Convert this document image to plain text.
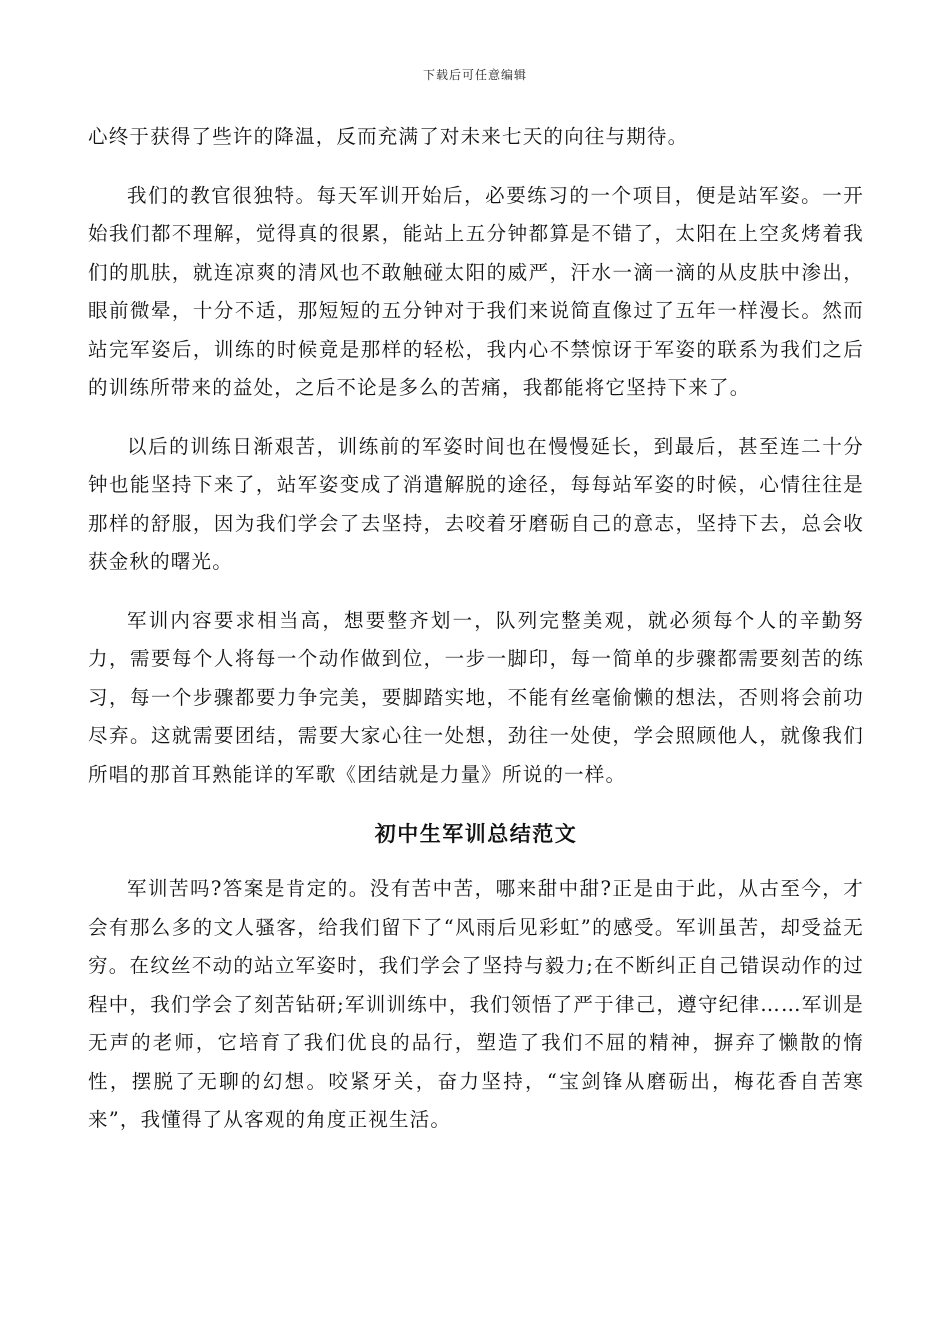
下载后可任意编辑

心终于获得了些许的降温，反而充满了对未来七天的向往与期待。

我们的教官很独特。每天军训开始后，必要练习的一个项目，便是站军姿。一开始我们都不理解，觉得真的很累，能站上五分钟都算是不错了，太阳在上空炙烤着我们的肌肤，就连凉爽的清风也不敢触碰太阳的威严，汗水一滴一滴的从皮肤中渗出，眼前微晕，十分不适，那短短的五分钟对于我们来说简直像过了五年一样漫长。然而站完军姿后，训练的时候竟是那样的轻松，我内心不禁惊讶于军姿的联系为我们之后的训练所带来的益处，之后不论是多么的苦痛，我都能将它坚持下来了。

以后的训练日渐艰苦，训练前的军姿时间也在慢慢延长，到最后，甚至连二十分钟也能坚持下来了，站军姿变成了消遣解脱的途径，每每站军姿的时候，心情往往是那样的舒服，因为我们学会了去坚持，去咬着牙磨砺自己的意志，坚持下去，总会收获金秋的曙光。

军训内容要求相当高，想要整齐划一，队列完整美观，就必须每个人的辛勤努力，需要每个人将每一个动作做到位，一步一脚印，每一简单的步骤都需要刻苦的练习，每一个步骤都要力争完美，要脚踏实地，不能有丝毫偷懒的想法，否则将会前功尽弃。这就需要团结，需要大家心往一处想，劲往一处使，学会照顾他人，就像我们所唱的那首耳熟能详的军歌《团结就是力量》所说的一样。

初中生军训总结范文

军训苦吗?答案是肯定的。没有苦中苦，哪来甜中甜?正是由于此，从古至今，才会有那么多的文人骚客，给我们留下了“风雨后见彩虹”的感受。军训虽苦，却受益无穷。在纹丝不动的站立军姿时，我们学会了坚持与毅力;在不断纠正自己错误动作的过程中，我们学会了刻苦钻研;军训训练中，我们领悟了严于律己，遵守纪律……军训是无声的老师，它培育了我们优良的品行，塑造了我们不屈的精神，摒弃了懒散的惰性，摆脱了无聊的幻想。咬紧牙关，奋力坚持，“宝剑锋从磨砺出，梅花香自苦寒来”，我懂得了从客观的角度正视生活。
